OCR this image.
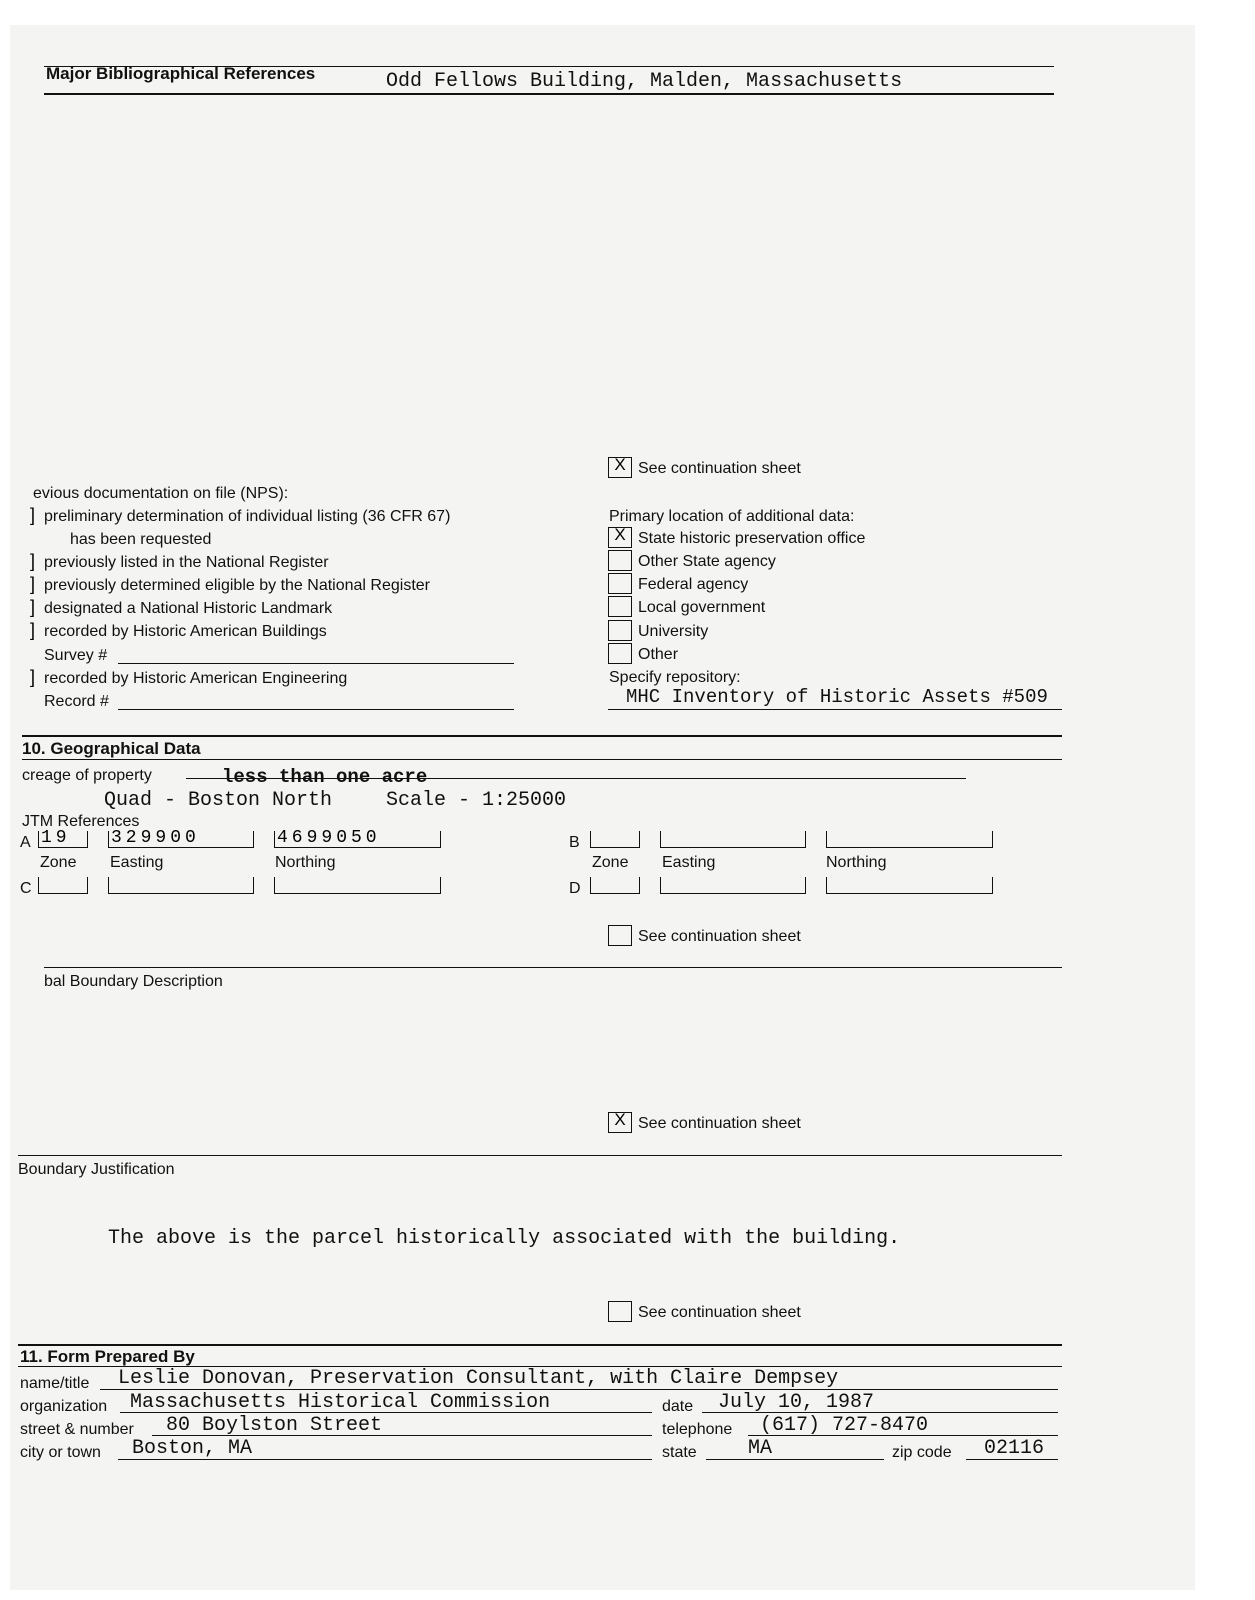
Major Bibliographical References	Odd Fellows Building, Malden, Massachusetts
X See continuation sheet
evious documentation on file (NPS):
] preliminary determination of individual listing (36 CFR 67)
has been requested
] previously listed in the National Register
] previously determined eligible by the National Register
] designated a National Historic Landmark
] recorded by Historic American Buildings
Survey #
] recorded by Historic American Engineering
Record #
Primary location of additional data:
X State historic preservation office
Other State agency
Federal agency
Local government
University
Other
Specify repository:
MHC Inventory of Historic Assets #509
10. Geographical Data
creage of property	less than one acre
Quad - Boston North	Scale - 1:25000
JTM References
A 19	329900	4699050
Zone Easting	Northing
B
Zone Easting	Northing
C	D
See continuation sheet
bal Boundary Description
X See continuation sheet
Boundary Justification
The above is the parcel historically associated with the building.
See continuation sheet
11. Form Prepared By
name/title Leslie Donovan, Preservation Consultant, with Claire Dempsey
organization Massachusetts Historical Commission	date July 10, 1987
street & number 80 Boylston Street	telephone (617) 727-8470
city or town Boston, MA	state	MA	zip code 02116
